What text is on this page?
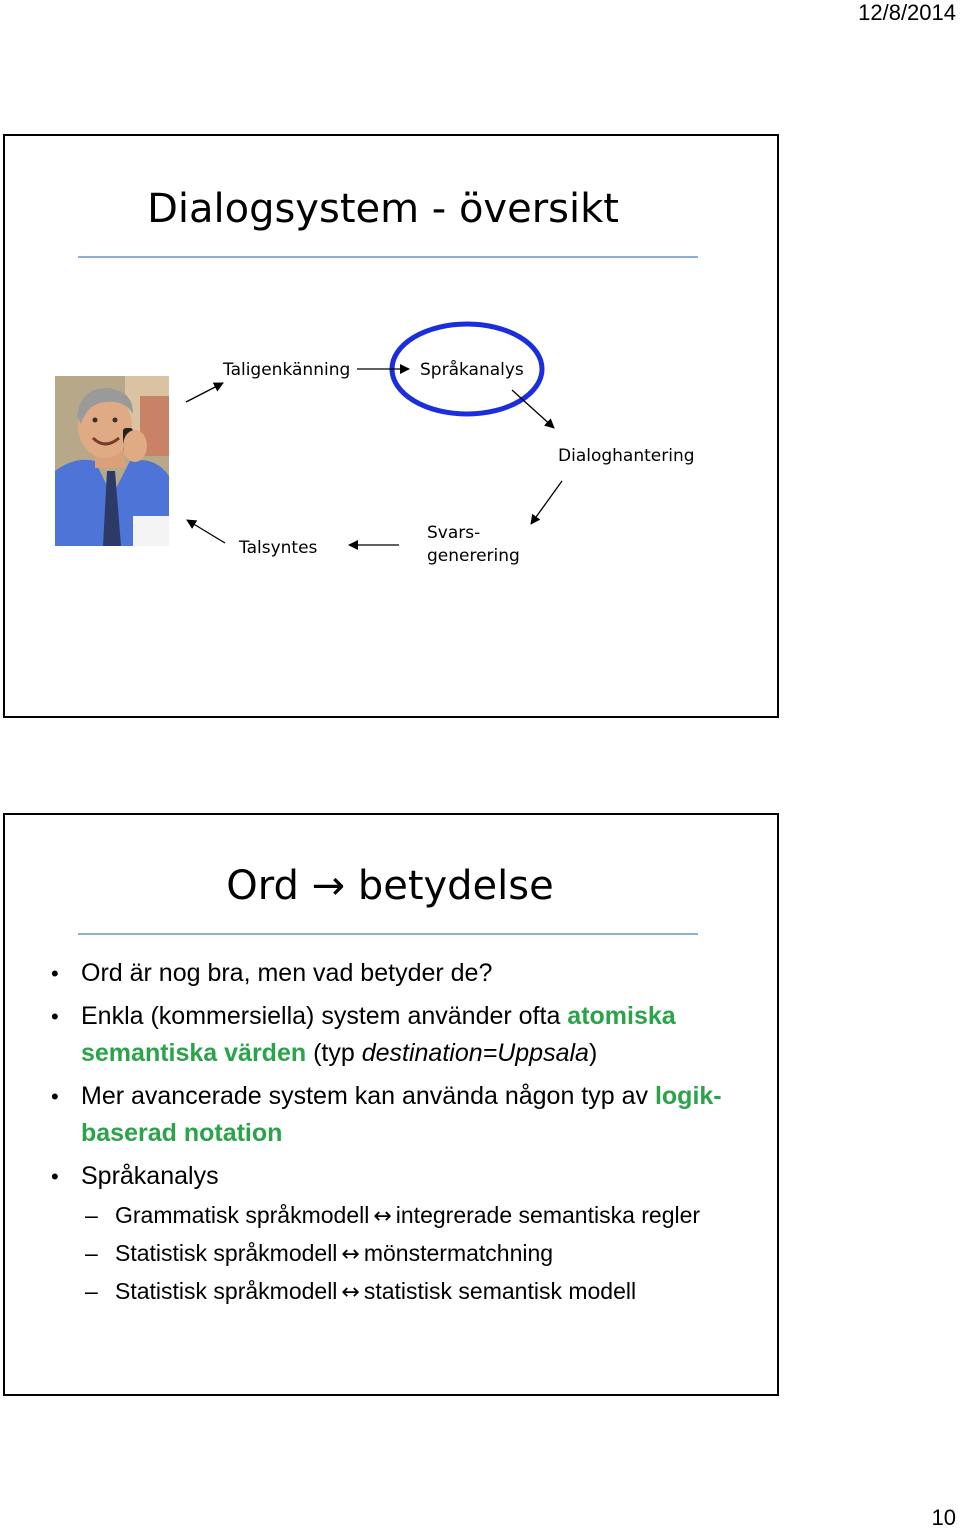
12/8/2014
Dialogsystem - översikt
Taligenkänning	Språkanalys
Dialoghantering
Talsyntes
Svars-
generering
Ord → betydelse
• Ord är nog bra, men vad betyder de?
• Enkla (kommersiella) system använder ofta atomiska semantiska värden (typ destination=Uppsala)
• Mer avancerade system kan använda någon typ av logik-baserad notation
• Språkanalys
– Grammatisk språkmodell ↔ integrerade semantiska regler
– Statistisk språkmodell ↔ mönstermatchning
– Statistisk språkmodell ↔ statistisk semantisk modell
10
